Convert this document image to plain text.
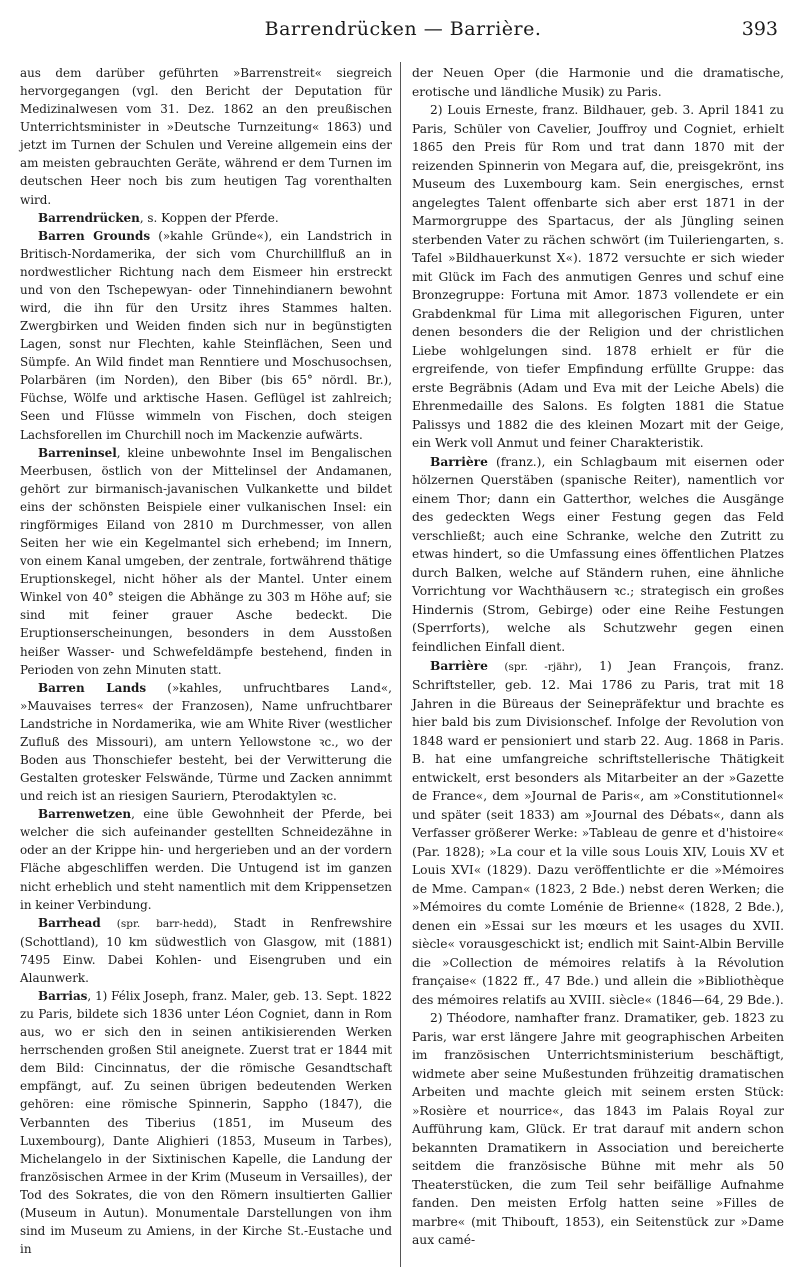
Barrendrücken — Barrière.	393

aus dem darüber geführten »Barrenstreit« siegreich hervorgegangen (vgl. den Bericht der Deputation für Medizinalwesen vom 31. Dez. 1862 an den preußischen Unterrichtsminister in »Deutsche Turnzeitung« 1863) und jetzt im Turnen der Schulen und Vereine allgemein eins der am meisten gebrauchten Geräte, während er dem Turnen im deutschen Heer noch bis zum heutigen Tag vorenthalten wird.

Barrendrücken, s. Koppen der Pferde.

Barren Grounds (»kahle Gründe«), ein Landstrich in Britisch-Nordamerika, der sich vom Churchillfluß an in nordwestlicher Richtung nach dem Eismeer hin erstreckt und von den Tschepewyan- oder Tinnehindianern bewohnt wird, die ihn für den Ursitz ihres Stammes halten. Zwergbirken und Weiden finden sich nur in begünstigten Lagen, sonst nur Flechten, kahle Steinflächen, Seen und Sümpfe. An Wild findet man Renntiere und Moschusochsen, Polarbären (im Norden), den Biber (bis 65° nördl. Br.), Füchse, Wölfe und arktische Hasen. Geflügel ist zahlreich; Seen und Flüsse wimmeln von Fischen, doch steigen Lachsforellen im Churchill noch im Mackenzie aufwärts.

Barreninsel, kleine unbewohnte Insel im Bengalischen Meerbusen, östlich von der Mittelinsel der Andamanen, gehört zur birmanisch-javanischen Vulkankette und bildet eins der schönsten Beispiele einer vulkanischen Insel: ein ringförmiges Eiland von 2810 m Durchmesser, von allen Seiten her wie ein Kegelmantel sich erhebend; im Innern, von einem Kanal umgeben, der zentrale, fortwährend thätige Eruptionskegel, nicht höher als der Mantel. Unter einem Winkel von 40° steigen die Abhänge zu 303 m Höhe auf; sie sind mit feiner grauer Asche bedeckt. Die Eruptionserscheinungen, besonders in dem Ausstoßen heißer Wasser- und Schwefeldämpfe bestehend, finden in Perioden von zehn Minuten statt.

Barren Lands (»kahles, unfruchtbares Land«, »Mauvaises terres« der Franzosen), Name unfruchtbarer Landstriche in Nordamerika, wie am White River (westlicher Zufluß des Missouri), am untern Yellowstone ꝛc., wo der Boden aus Thonschiefer besteht, bei der Verwitterung die Gestalten grotesker Felswände, Türme und Zacken annimmt und reich ist an riesigen Sauriern, Pterodaktylen ꝛc.

Barrenwetzen, eine üble Gewohnheit der Pferde, bei welcher die sich aufeinander gestellten Schneidezähne in oder an der Krippe hin- und hergerieben und an der vordern Fläche abgeschliffen werden. Die Untugend ist im ganzen nicht erheblich und steht namentlich mit dem Krippensetzen in keiner Verbindung.

Barrhead (spr. barr-hedd), Stadt in Renfrewshire (Schottland), 10 km südwestlich von Glasgow, mit (1881) 7495 Einw. Dabei Kohlen- und Eisengruben und ein Alaunwerk.

Barrias, 1) Félix Joseph, franz. Maler, geb. 13. Sept. 1822 zu Paris, bildete sich 1836 unter Léon Cogniet, dann in Rom aus, wo er sich den in seinen antikisierenden Werken herrschenden großen Stil aneignete. Zuerst trat er 1844 mit dem Bild: Cincinnatus, der die römische Gesandtschaft empfängt, auf. Zu seinen übrigen bedeutenden Werken gehören: eine römische Spinnerin, Sappho (1847), die Verbannten des Tiberius (1851, im Museum des Luxembourg), Dante Alighieri (1853, Museum in Tarbes), Michelangelo in der Sixtinischen Kapelle, die Landung der französischen Armee in der Krim (Museum in Versailles), der Tod des Sokrates, die von den Römern insultierten Gallier (Museum in Autun). Monumentale Darstellungen von ihm sind im Museum zu Amiens, in der Kirche St.-Eustache und in

der Neuen Oper (die Harmonie und die dramatische, erotische und ländliche Musik) zu Paris.

2) Louis Erneste, franz. Bildhauer, geb. 3. April 1841 zu Paris, Schüler von Cavelier, Jouffroy und Cogniet, erhielt 1865 den Preis für Rom und trat dann 1870 mit der reizenden Spinnerin von Megara auf, die, preisgekrönt, ins Museum des Luxembourg kam. Sein energisches, ernst angelegtes Talent offenbarte sich aber erst 1871 in der Marmorgruppe des Spartacus, der als Jüngling seinen sterbenden Vater zu rächen schwört (im Tuileriengarten, s. Tafel »Bildhauerkunst X«). 1872 versuchte er sich wieder mit Glück im Fach des anmutigen Genres und schuf eine Bronzegruppe: Fortuna mit Amor. 1873 vollendete er ein Grabdenkmal für Lima mit allegorischen Figuren, unter denen besonders die der Religion und der christlichen Liebe wohlgelungen sind. 1878 erhielt er für die ergreifende, von tiefer Empfindung erfüllte Gruppe: das erste Begräbnis (Adam und Eva mit der Leiche Abels) die Ehrenmedaille des Salons. Es folgten 1881 die Statue Palissys und 1882 die des kleinen Mozart mit der Geige, ein Werk voll Anmut und feiner Charakteristik.

Barrière (franz.), ein Schlagbaum mit eisernen oder hölzernen Querstäben (spanische Reiter), namentlich vor einem Thor; dann ein Gatterthor, welches die Ausgänge des gedeckten Wegs einer Festung gegen das Feld verschließt; auch eine Schranke, welche den Zutritt zu etwas hindert, so die Umfassung eines öffentlichen Platzes durch Balken, welche auf Ständern ruhen, eine ähnliche Vorrichtung vor Wachthäusern ꝛc.; strategisch ein großes Hindernis (Strom, Gebirge) oder eine Reihe Festungen (Sperrforts), welche als Schutzwehr gegen einen feindlichen Einfall dient.

Barrière (spr. -rjähr), 1) Jean François, franz. Schriftsteller, geb. 12. Mai 1786 zu Paris, trat mit 18 Jahren in die Büreaus der Seinepräfektur und brachte es hier bald bis zum Divisionschef. Infolge der Revolution von 1848 ward er pensioniert und starb 22. Aug. 1868 in Paris. B. hat eine umfangreiche schriftstellerische Thätigkeit entwickelt, erst besonders als Mitarbeiter an der »Gazette de France«, dem »Journal de Paris«, am »Constitutionnel« und später (seit 1833) am »Journal des Débats«, dann als Verfasser größerer Werke: »Tableau de genre et d'histoire« (Par. 1828); »La cour et la ville sous Louis XIV, Louis XV et Louis XVI« (1829). Dazu veröffentlichte er die »Mémoires de Mme. Campan« (1823, 2 Bde.) nebst deren Werken; die »Mémoires du comte Loménie de Brienne« (1828, 2 Bde.), denen ein »Essai sur les mœurs et les usages du XVII. siècle« vorausgeschickt ist; endlich mit Saint-Albin Berville die »Collection de mémoires relatifs à la Révolution française« (1822 ff., 47 Bde.) und allein die »Bibliothèque des mémoires relatifs au XVIII. siècle« (1846—64, 29 Bde.).

2) Théodore, namhafter franz. Dramatiker, geb. 1823 zu Paris, war erst längere Jahre mit geographischen Arbeiten im französischen Unterrichtsministerium beschäftigt, widmete aber seine Mußestunden frühzeitig dramatischen Arbeiten und machte gleich mit seinem ersten Stück: »Rosière et nourrice«, das 1843 im Palais Royal zur Aufführung kam, Glück. Er trat darauf mit andern schon bekannten Dramatikern in Association und bereicherte seitdem die französische Bühne mit mehr als 50 Theaterstücken, die zum Teil sehr beifällige Aufnahme fanden. Den meisten Erfolg hatten seine »Filles de marbre« (mit Thibouft, 1853), ein Seitenstück zur »Dame aux camé-
